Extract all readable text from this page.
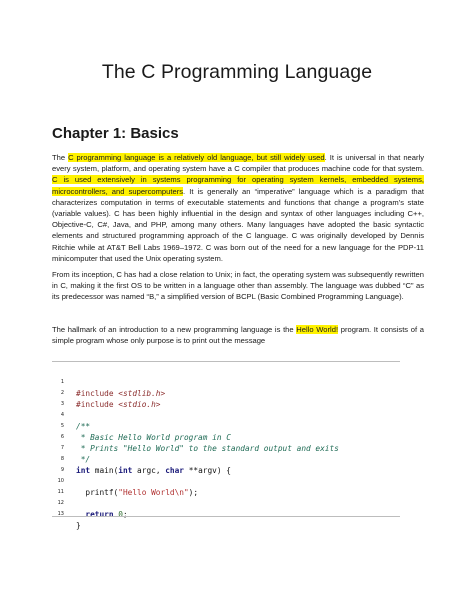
The C Programming Language
Chapter 1: Basics

The C programming language is a relatively old language, but still widely used. It is universal in that nearly every system, platform, and operating system have a C compiler that produces machine code for that system. C is used extensively in systems programming for operating system kernels, embedded systems, microcontrollers, and supercomputers. It is generally an “imperative” language which is a paradigm that characterizes computation in terms of executable statements and functions that change a program’s state (variable values). C has been highly influential in the design and syntax of other languages including C++, Objective-C, C#, Java, and PHP, among many others. Many languages have adopted the basic syntactic elements and structured programming approach of the C language. C was originally developed by Dennis Ritchie while at AT&T Bell Labs 1969–1972. C was born out of the need for a new language for the PDP-11 minicomputer that used the Unix operating system.

From its inception, C has had a close relation to Unix; in fact, the operating system was subsequently rewritten in C, making it the first OS to be written in a language other than assembly. The language was dubbed “C” as its predecessor was named “B,” a simplified version of BCPL (Basic Combined Programming Language).

The hallmark of an introduction to a new programming language is the Hello World! program. It consists of a simple program whose only purpose is to print out the message

1

#include <stdlib.h>

2

#include <stdio.h>

3

4

/**

5

* Basic Hello World program in C

6

* Prints "Hello World" to the standard output and exits

7

*/

8

int main(int argc, char **argv) {

9

10

printf("Hello World\n");

11

12

return 0;

13

}
